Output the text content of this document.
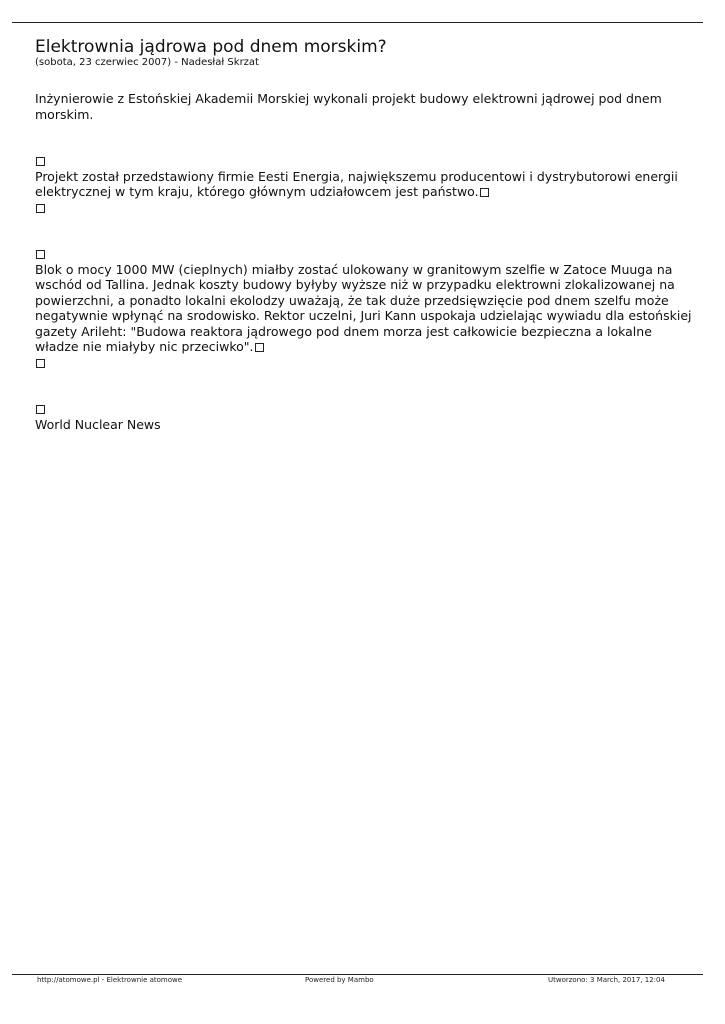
Elektrownia jądrowa pod dnem morskim?

(sobota, 23 czerwiec 2007) - Nadesłał Skrzat

Inżynierowie z Estońskiej Akademii Morskiej wykonali projekt budowy elektrowni jądrowej pod dnem morskim.

Projekt został przedstawiony firmie Eesti Energia, największemu producentowi i dystrybutorowi energii elektrycznej w tym kraju, którego głównym udziałowcem jest państwo.

Blok o mocy 1000 MW (cieplnych) miałby zostać ulokowany w granitowym szelfie w Zatoce Muuga na wschód od Tallina. Jednak koszty budowy byłyby wyższe niż w przypadku elektrowni zlokalizowanej na powierzchni, a ponadto lokalni ekolodzy uważają, że tak duże przedsięwzięcie pod dnem szelfu może negatywnie wpłynąć na srodowisko. Rektor uczelni, Juri Kann uspokaja udzielając wywiadu dla estońskiej gazety Arileht: "Budowa reaktora jądrowego pod dnem morza jest całkowicie bezpieczna a lokalne władze nie miałyby nic przeciwko".

World Nuclear News

http://atomowe.pl - Elektrownie atomowe	Powered by Mambo	Utworzono: 3 March, 2017, 12:04
